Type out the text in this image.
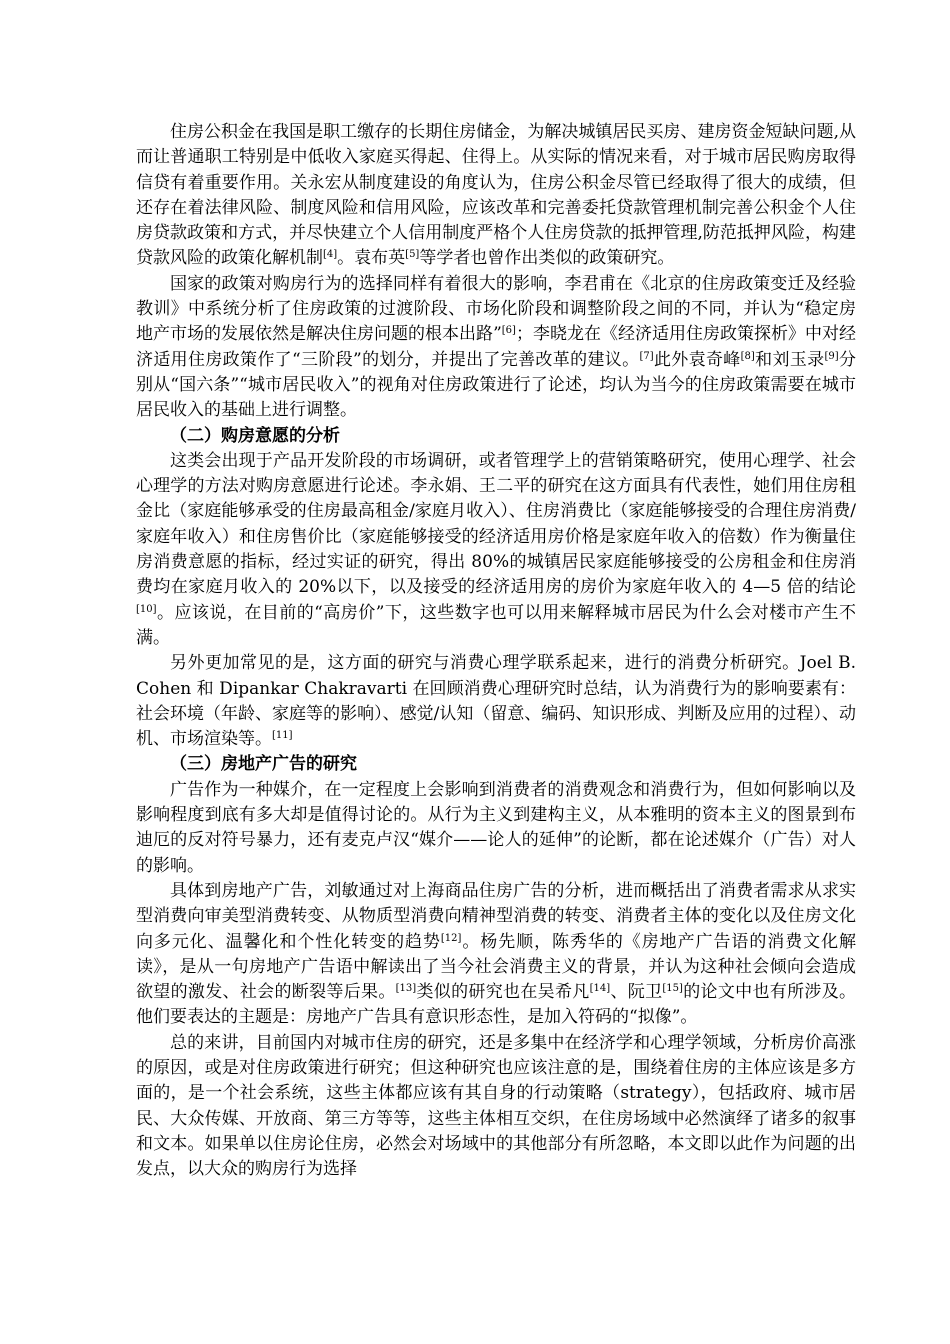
住房公积金在我国是职工缴存的长期住房储金，为解决城镇居民买房、建房资金短缺问题,从而让普通职工特别是中低收入家庭买得起、住得上。从实际的情况来看，对于城市居民购房取得信贷有着重要作用。关永宏从制度建设的角度认为，住房公积金尽管已经取得了很大的成绩，但还存在着法律风险、制度风险和信用风险，应该改革和完善委托贷款管理机制完善公积金个人住房贷款政策和方式，并尽快建立个人信用制度严格个人住房贷款的抵押管理,防范抵押风险，构建贷款风险的政策化解机制[4]。袁布英[5]等学者也曾作出类似的政策研究。

国家的政策对购房行为的选择同样有着很大的影响，李君甫在《北京的住房政策变迁及经验教训》中系统分析了住房政策的过渡阶段、市场化阶段和调整阶段之间的不同，并认为“稳定房地产市场的发展依然是解决住房问题的根本出路”[6]；李晓龙在《经济适用住房政策探析》中对经济适用住房政策作了“三阶段”的划分，并提出了完善改革的建议。[7]此外袁奇峰[8]和刘玉录[9]分别从“国六条”“城市居民收入”的视角对住房政策进行了论述，均认为当今的住房政策需要在城市居民收入的基础上进行调整。

（二）购房意愿的分析

这类会出现于产品开发阶段的市场调研，或者管理学上的营销策略研究，使用心理学、社会心理学的方法对购房意愿进行论述。李永娟、王二平的研究在这方面具有代表性，她们用住房租金比（家庭能够承受的住房最高租金/家庭月收入）、住房消费比（家庭能够接受的合理住房消费/家庭年收入）和住房售价比（家庭能够接受的经济适用房价格是家庭年收入的倍数）作为衡量住房消费意愿的指标，经过实证的研究，得出 80%的城镇居民家庭能够接受的公房租金和住房消费均在家庭月收入的 20%以下，以及接受的经济适用房的房价为家庭年收入的 4—5 倍的结论[10]。应该说，在目前的“高房价”下，这些数字也可以用来解释城市居民为什么会对楼市产生不满。

另外更加常见的是，这方面的研究与消费心理学联系起来，进行的消费分析研究。Joel B. Cohen 和 Dipankar Chakravarti 在回顾消费心理研究时总结，认为消费行为的影响要素有：社会环境（年龄、家庭等的影响）、感觉/认知（留意、编码、知识形成、判断及应用的过程）、动机、市场渲染等。[11]

（三）房地产广告的研究

广告作为一种媒介，在一定程度上会影响到消费者的消费观念和消费行为，但如何影响以及影响程度到底有多大却是值得讨论的。从行为主义到建构主义，从本雅明的资本主义的图景到布迪厄的反对符号暴力，还有麦克卢汉“媒介——论人的延伸”的论断，都在论述媒介（广告）对人的影响。

具体到房地产广告，刘敏通过对上海商品住房广告的分析，进而概括出了消费者需求从求实型消费向审美型消费转变、从物质型消费向精神型消费的转变、消费者主体的变化以及住房文化向多元化、温馨化和个性化转变的趋势[12]。杨先顺，陈秀华的《房地产广告语的消费文化解读》，是从一句房地产广告语中解读出了当今社会消费主义的背景，并认为这种社会倾向会造成欲望的激发、社会的断裂等后果。[13]类似的研究也在吴希凡[14]、阮卫[15]的论文中也有所涉及。他们要表达的主题是：房地产广告具有意识形态性，是加入符码的“拟像”。

总的来讲，目前国内对城市住房的研究，还是多集中在经济学和心理学领域，分析房价高涨的原因，或是对住房政策进行研究；但这种研究也应该注意的是，围绕着住房的主体应该是多方面的，是一个社会系统，这些主体都应该有其自身的行动策略（strategy），包括政府、城市居民、大众传媒、开放商、第三方等等，这些主体相互交织，在住房场域中必然演绎了诸多的叙事和文本。如果单以住房论住房，必然会对场域中的其他部分有所忽略，本文即以此作为问题的出发点，以大众的购房行为选择
